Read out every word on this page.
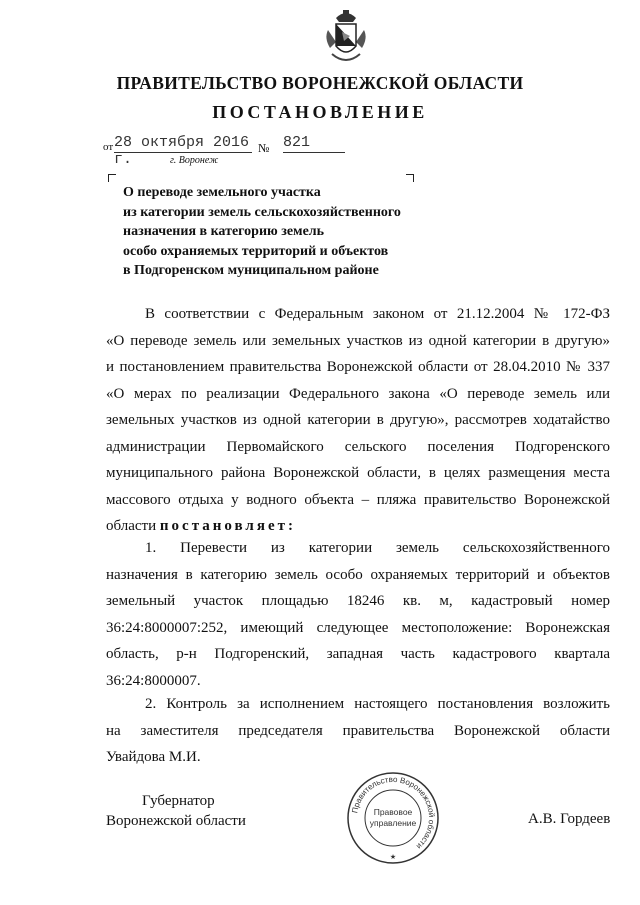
ПРАВИТЕЛЬСТВО ВОРОНЕЖСКОЙ ОБЛАСТИ
ПОСТАНОВЛЕНИЕ
от 28 октября 2016 г.
№ 821
г. Воронеж
О переводе земельного участка
из категории земель сельскохозяйственного
назначения в категорию земель
особо охраняемых территорий и объектов
в Подгоренском муниципальном районе
В соответствии с Федеральным законом от 21.12.2004 № 172-ФЗ
«О переводе земель или земельных участков из одной категории в другую»
и постановлением правительства Воронежской области от 28.04.2010 № 337
«О мерах по реализации Федерального закона «О переводе земель или
земельных участков из одной категории в другую», рассмотрев ходатайство
администрации Первомайского сельского поселения Подгоренского
муниципального района Воронежской области, в целях размещения места
массового отдыха у водного объекта – пляжа правительство Воронежской
области постановляет:
1. Перевести из категории земель сельскохозяйственного
назначения в категорию земель особо охраняемых территорий и объектов
земельный участок площадью 18246 кв. м, кадастровый номер
36:24:8000007:252, имеющий следующее местоположение: Воронежская
область, р-н Подгоренский, западная часть кадастрового квартала
36:24:8000007.
2. Контроль за исполнением настоящего постановления возложить
на заместителя председателя правительства Воронежской области
Увайдова М.И.
Губернатор
Воронежской области	А.В. Гордеев
Правительство Воронежской области
Правовое
управление
★
